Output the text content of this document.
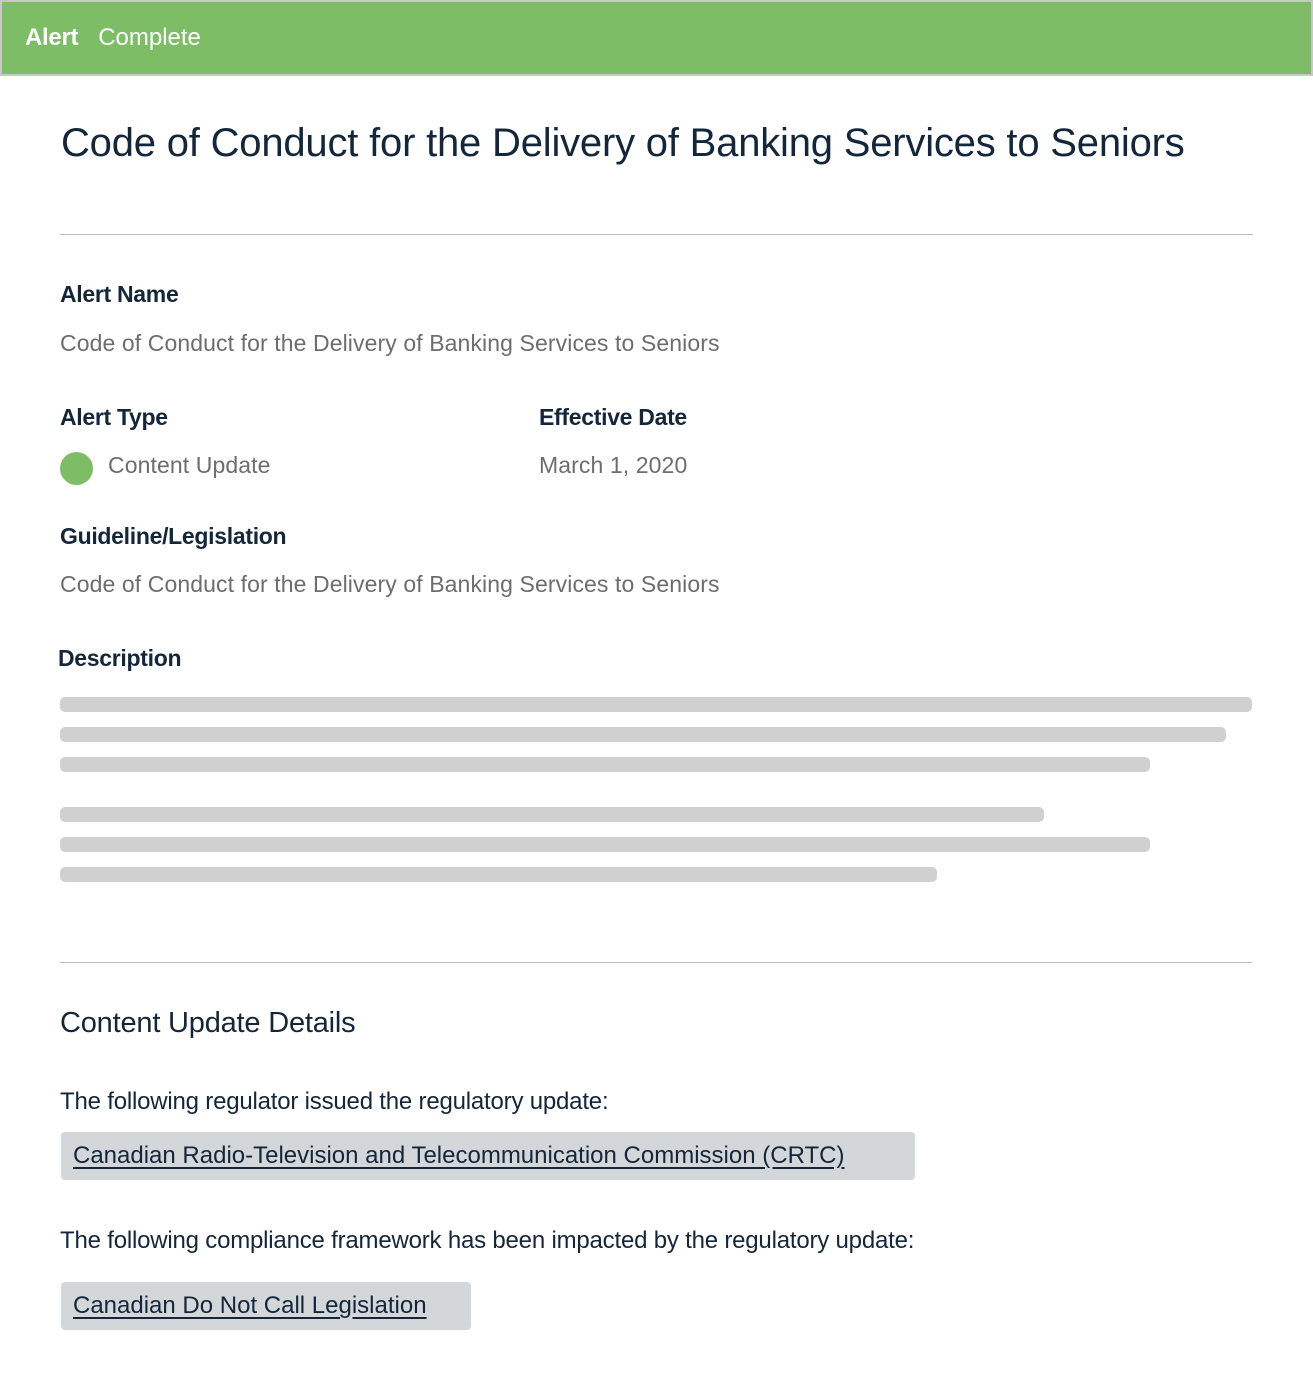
Alert Complete
Code of Conduct for the Delivery of Banking Services to Seniors
Alert Name
Code of Conduct for the Delivery of Banking Services to Seniors
Alert Type
Content Update
Effective Date
March 1, 2020
Guideline/Legislation
Code of Conduct for the Delivery of Banking Services to Seniors
Description
Content Update Details
The following regulator issued the regulatory update:
Canadian Radio-Television and Telecommunication Commission (CRTC)
The following compliance framework has been impacted by the regulatory update:
Canadian Do Not Call Legislation
